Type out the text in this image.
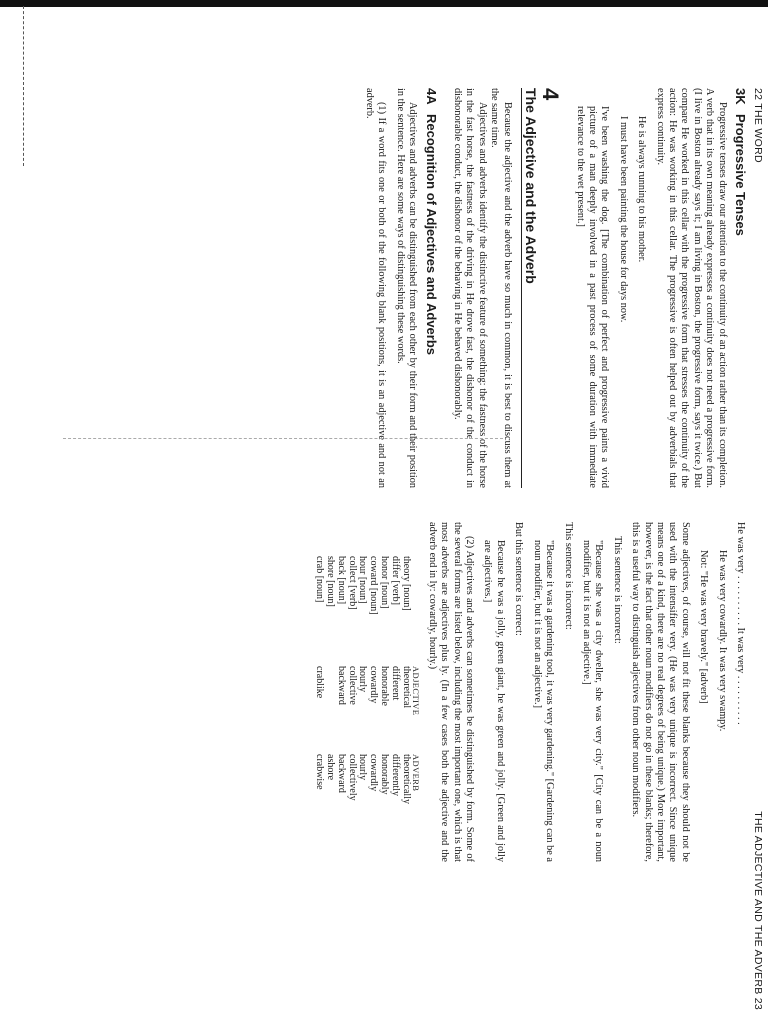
22 THE WORD
3KProgressive Tenses

Progressive tenses draw our attention to the continuity of an action rather than its completion. A verb that in its own meaning already expresses a continuity does not need a progressive form. (I live in Boston already says it; I am living in Boston, the progressive form, says it twice.) But compare He worked in this cellar with the progressive form that stresses the continuity of the action: He was working in this cellar. The progressive is often helped out by adverbials that express continuity.

He is always running to his mother.

I must have been painting the house for days now.

I've been washing the dog. [The combination of perfect and progressive paints a vivid picture of a man deeply involved in a past process of some duration with immediate relevance to the wet present.]

4
The Adjective and the Adverb

Because the adjective and the adverb have so much in common, it is best to discuss them at the same time.

Adjectives and adverbs identify the distinctive feature of something: the fastness of the horse in the fast horse, the fastness of the driving in He drove fast, the dishonor of the conduct in dishonorable conduct, the dishonor of the behaving in He behaved dishonorably.

4ARecognition of Adjectives and Adverbs

Adjectives and adverbs can be distinguished from each other by their form and their position in the sentence. Here are some ways of distinguishing these words.

(1) If a word fits one or both of the following blank positions, it is an adjective and not an adverb.

THE ADJECTIVE AND THE ADVERB 23

He was very . . . . . . . . . . It was very . . . . . . . . . .

He was very cowardly. It was very swampy.

Not: "He was very bravely." [adverb]

Some adjectives, of course, will not fit these blanks because they should not be used with the intensifier very. (He was very unique is incorrect. Since unique means one of a kind, there are no real degrees of being unique.) More important, however, is the fact that other noun modifiers do not go in these blanks; therefore, this is a useful way to distinguish adjectives from other noun modifiers.

This sentence is incorrect:

"Because she was a city dweller, she was very city." [City can be a noun modifier, but it is not an adjective.]

This sentence is incorrect:

"Because it was a gardening tool, it was very gardening." [Gardening can be a noun modifier, but it is not an adjective.]

But this sentence is correct:

Because he was a jolly, green giant, he was green and jolly. [Green and jolly are adjectives.]

(2) Adjectives and adverbs can sometimes be distinguished by form. Some of the several forms are listed below, including the most important one, which is that most adverbs are adjectives plus ly. (In a few cases both the adjective and the adverb end in ly: cowardly, hourly.)

	ADJECTIVE	ADVERB
theory [noun]	theoretical	theoretically
differ [verb]	different	differently
honor [noun]	honorable	honorably
coward [noun]	cowardly	cowardly
hour [noun]	hourly	hourly
collect [verb]	collective	collectively
back [noun]	backward	backward
shore [noun]		ashore
crab [noun]	crablike	crabwise
